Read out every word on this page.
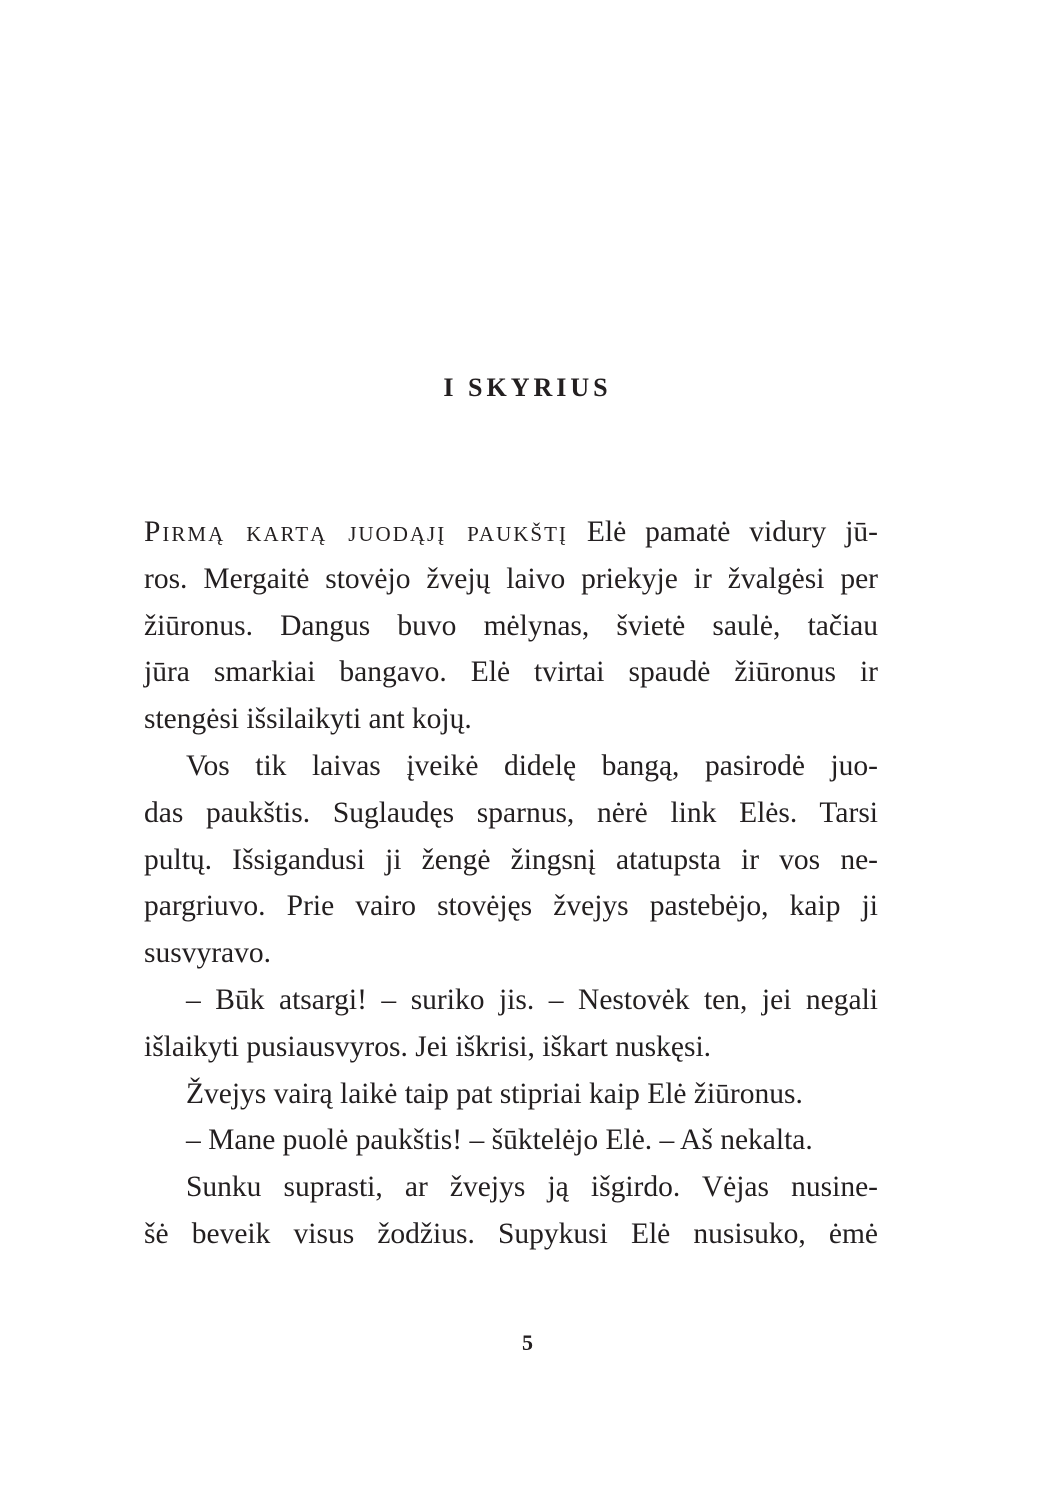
I SKYRIUS
Pirmą kartą juodąjį paukštį Elė pamatė vidury jū-
ros. Mergaitė stovėjo žvejų laivo priekyje ir žvalgėsi per
žiūronus. Dangus buvo mėlynas, švietė saulė, tačiau
jūra smarkiai bangavo. Elė tvirtai spaudė žiūronus ir
stengėsi išsilaikyti ant kojų.
Vos tik laivas įveikė didelę bangą, pasirodė juo-
das paukštis. Suglaudęs sparnus, nėrė link Elės. Tarsi
pultų. Išsigandusi ji žengė žingsnį atatupsta ir vos ne-
pargriuvo. Prie vairo stovėjęs žvejys pastebėjo, kaip ji
susvyravo.
– Būk atsargi! – suriko jis. – Nestovėk ten, jei negali
išlaikyti pusiausvyros. Jei iškrisi, iškart nuskęsi.
Žvejys vairą laikė taip pat stipriai kaip Elė žiūronus.
– Mane puolė paukštis! – šūktelėjo Elė. – Aš nekalta.
Sunku suprasti, ar žvejys ją išgirdo. Vėjas nusine-
šė beveik visus žodžius. Supykusi Elė nusisuko, ėmė
5
